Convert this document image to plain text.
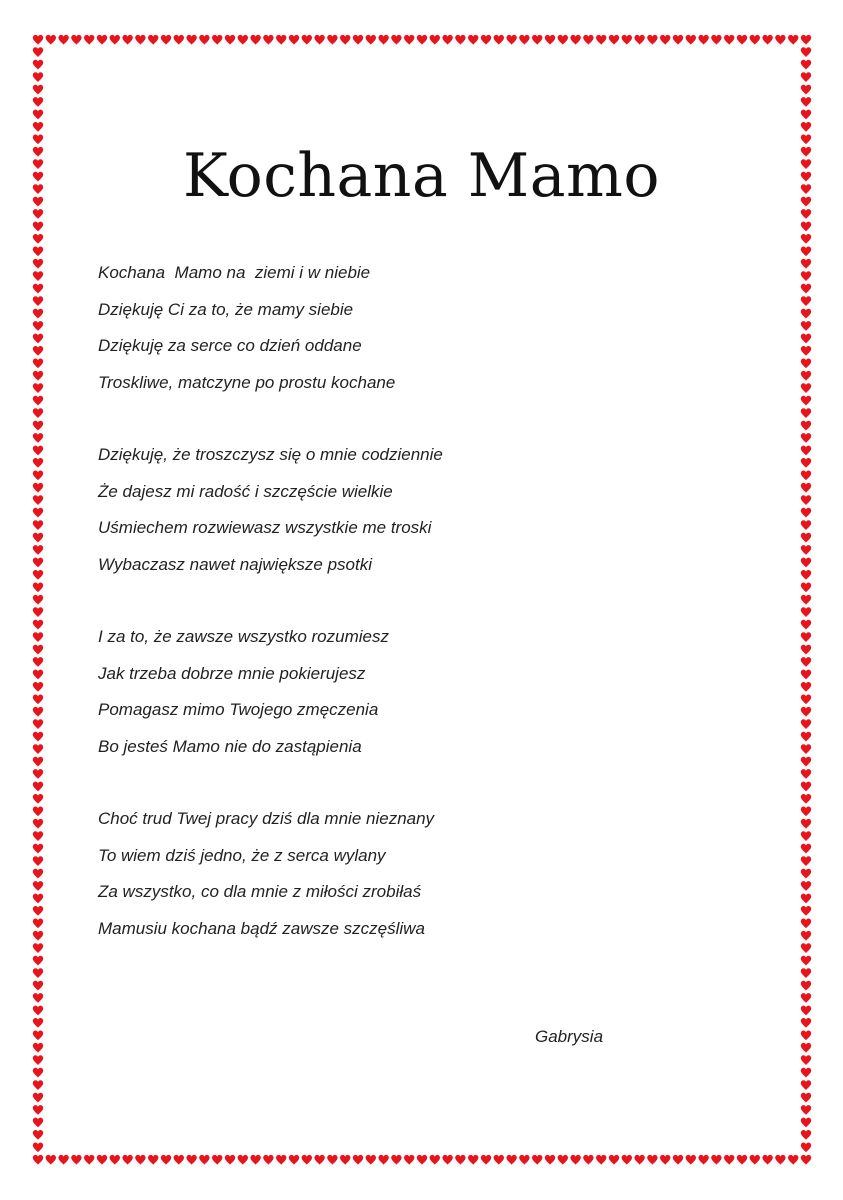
Kochana Mamo
Kochana  Mamo na  ziemi i w niebie
Dziękuję Ci za to, że mamy siebie
Dziękuję za serce co dzień oddane
Troskliwe, matczyne po prostu kochane
Dziękuję, że troszczysz się o mnie codziennie
Że dajesz mi radość i szczęście wielkie
Uśmiechem rozwiewasz wszystkie me troski
Wybaczasz nawet największe psotki
I za to, że zawsze wszystko rozumiesz
Jak trzeba dobrze mnie pokierujesz
Pomagasz mimo Twojego zmęczenia
Bo jesteś Mamo nie do zastąpienia
Choć trud Twej pracy dziś dla mnie nieznany
To wiem dziś jedno, że z serca wylany
Za wszystko, co dla mnie z miłości zrobiłaś
Mamusiu kochana bądź zawsze szczęśliwa
Gabrysia
